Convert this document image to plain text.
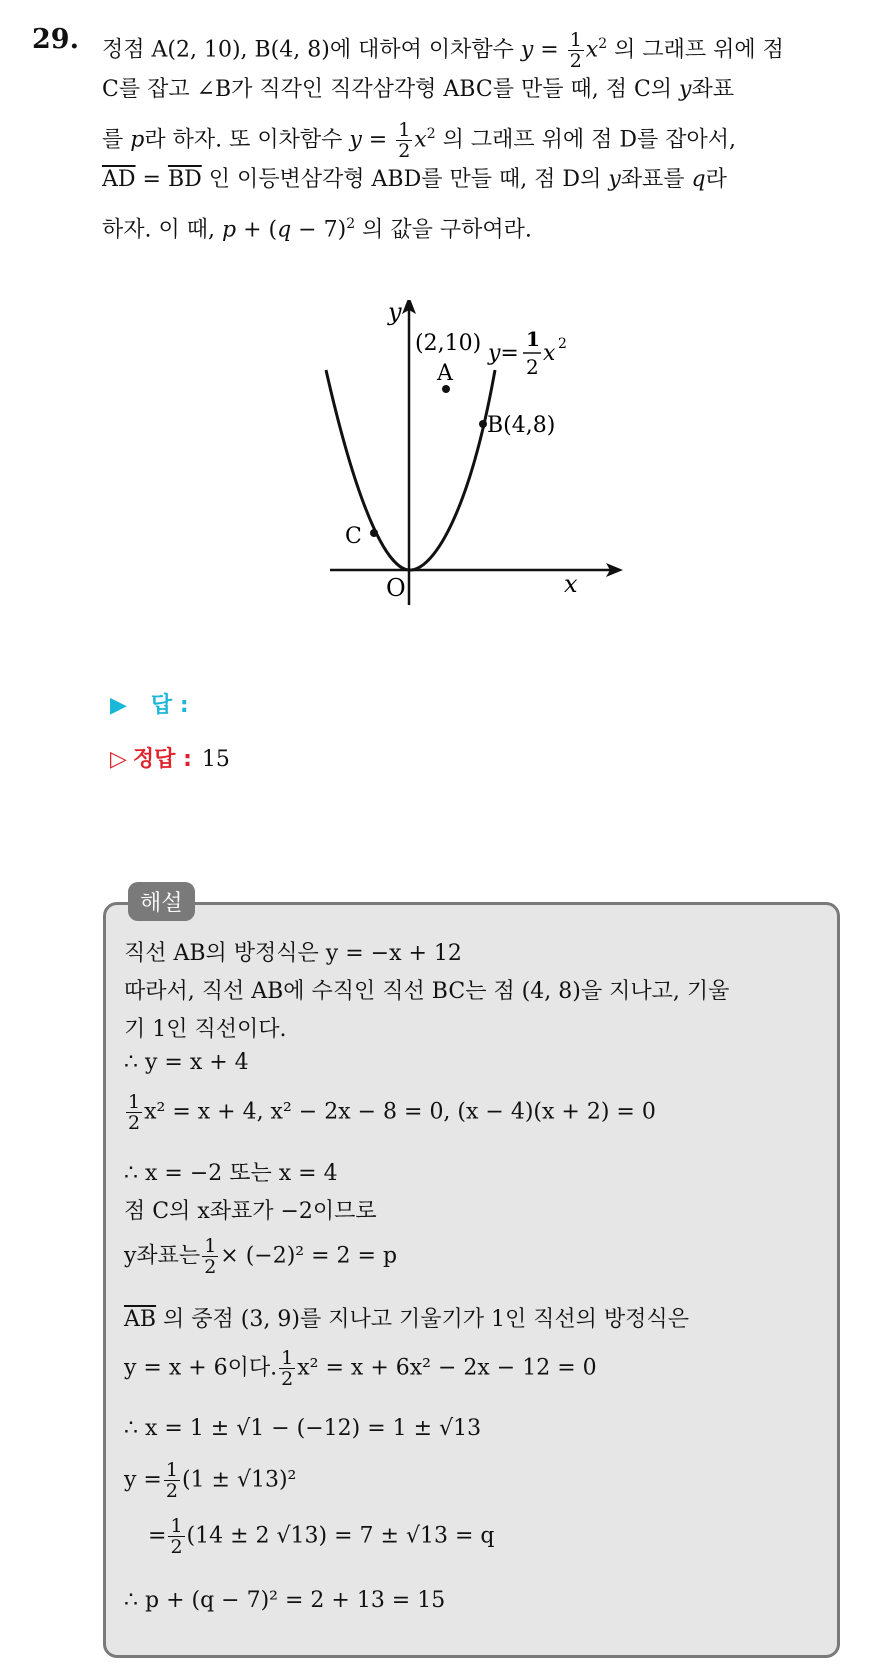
29. 정점 A(2, 10), B(4, 8)에 대하여 이차함수 $y = \frac{1}{2} x^2$ 의 그래프 위에 점
C를 잡고 ∠B가 직각인 직각삼각형 ABC를 만들 때, 점 C의 y좌표
를 p라 하자. 또 이차함수 $y = \frac{1}{2} x^2$ 의 그래프 위에 점 D를 잡아서,
$\overline{AD} = \overline{BD}$ 인 이등변삼각형 ABD를 만들 때, 점 D의 y좌표를 q라
하자. 이 때, $p + (q - 7)^2$ 의 값을 구하여라.
y
x
O
(2,10)
A
B(4,8)
C
y=
1
2
x 2
▶ 답 :
▷ 정답 : 15
해설
직선 AB의 방정식은 y = −x + 12
따라서, 직선 AB에 수직인 직선 BC는 점 (4, 8)을 지나고, 기울
기 1인 직선이다.
∴ y = x + 4
$\frac{1}{2} x^2 = x + 4$, x² − 2x − 8 = 0, (x − 4)(x + 2) = 0
∴ x = −2 또는 x = 4
점 C의 x좌표가 −2이므로
y좌표는 $\frac{1}{2} \times (-2)^2 = 2 = p$
$\overline{AB}$ 의 중점 (3, 9)를 지나고 기울기가 1인 직선의 방정식은
y = x + 6이다. $\frac{1}{2} x^2 = x + 6x^2 - 2x - 12 = 0$
∴ x = 1 ± √1 − (−12) = 1 ± √13
$y = \frac{1}{2} (1 \pm √13)^2$
= $\frac{1}{2} (14 \pm 2$ √13) = 7 ± √13 = q
∴ p + (q − 7)² = 2 + 13 = 15
